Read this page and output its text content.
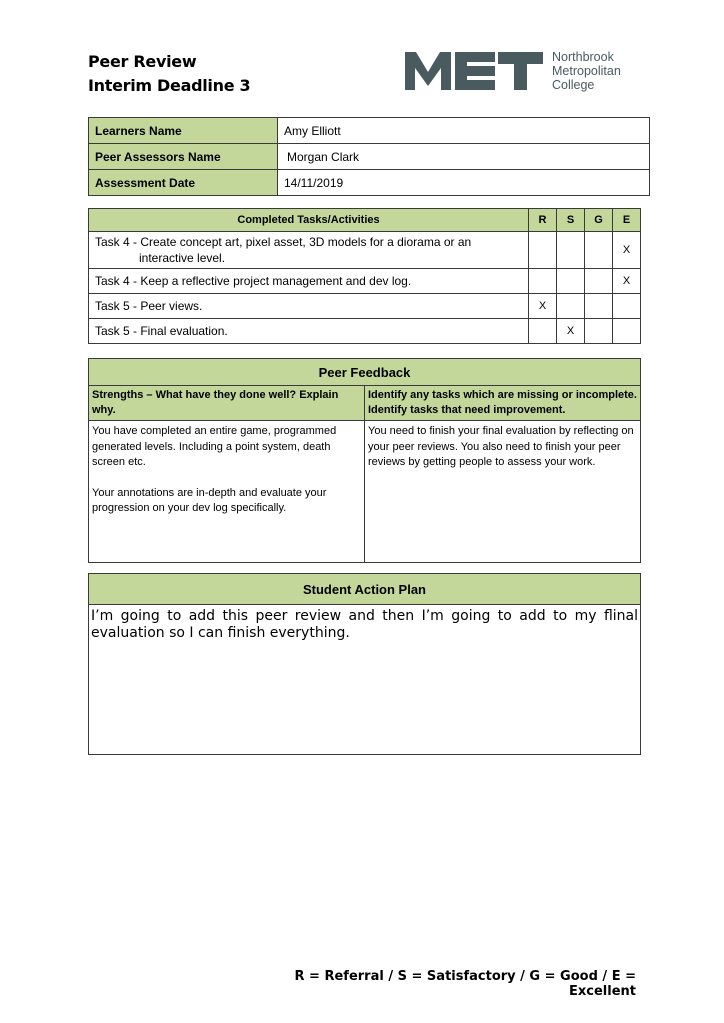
Peer Review
Interim Deadline 3
Northbrook
Metropolitan
College
Learners Name	Amy Elliott
Peer Assessors Name	Morgan Clark
Assessment Date	14/11/2019
Completed Tasks/Activities	R	S	G	E
Task 4 - Create concept art, pixel asset, 3D models for a diorama or an
interactive level.				X
Task 4 - Keep a reflective project management and dev log.				X
Task 5 - Peer views.	X			
Task 5 - Final evaluation.		X		
Peer Feedback	
Strengths – What have they done well? Explain why.	Identify any tasks which are missing or incomplete.
Identify tasks that need improvement.

You have completed an entire game, programmed generated levels. Including a point system, death screen etc.

Your annotations are in-depth and evaluate your progression on your dev log specifically.	You need to finish your final evaluation by reflecting on your peer reviews. You also need to finish your peer reviews by getting people to assess your work.

Student Action Plan
I’m going to add this peer review and then I’m going to add to my flinal evaluation so I can finish everything.
R = Referral / S = Satisfactory / G = Good / E = Excellent
